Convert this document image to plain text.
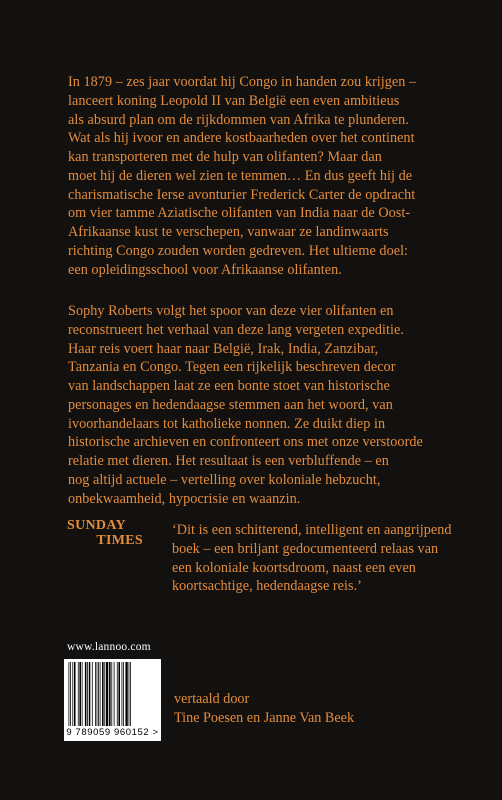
In 1879 – zes jaar voordat hij Congo in handen zou krijgen –
lanceert koning Leopold II van België een even ambitieus
als absurd plan om de rijkdommen van Afrika te plunderen.
Wat als hij ivoor en andere kostbaarheden over het continent
kan transporteren met de hulp van olifanten? Maar dan
moet hij de dieren wel zien te temmen… En dus geeft hij de
charismatische Ierse avonturier Frederick Carter de opdracht
om vier tamme Aziatische olifanten van India naar de Oost-
Afrikaanse kust te verschepen, vanwaar ze landinwaarts
richting Congo zouden worden gedreven. Het ultieme doel:
een opleidingsschool voor Afrikaanse olifanten.
Sophy Roberts volgt het spoor van deze vier olifanten en
reconstrueert het verhaal van deze lang vergeten expeditie.
Haar reis voert haar naar België, Irak, India, Zanzibar,
Tanzania en Congo. Tegen een rijkelijk beschreven decor
van landschappen laat ze een bonte stoet van historische
personages en hedendaagse stemmen aan het woord, van
ivoorhandelaars tot katholieke nonnen. Ze duikt diep in
historische archieven en confronteert ons met onze verstoorde
relatie met dieren. Het resultaat is een verbluffende – en
nog altijd actuele – vertelling over koloniale hebzucht,
onbekwaamheid, hypocrisie en waanzin.
SUNDAY
TIMES
‘Dit is een schitterend, intelligent en aangrijpend
boek – een briljant gedocumenteerd relaas van
een koloniale koortsdroom, naast een even
koortsachtige, hedendaagse reis.’
www.lannoo.com
9 789059 960152 >
vertaald door
Tine Poesen en Janne Van Beek
